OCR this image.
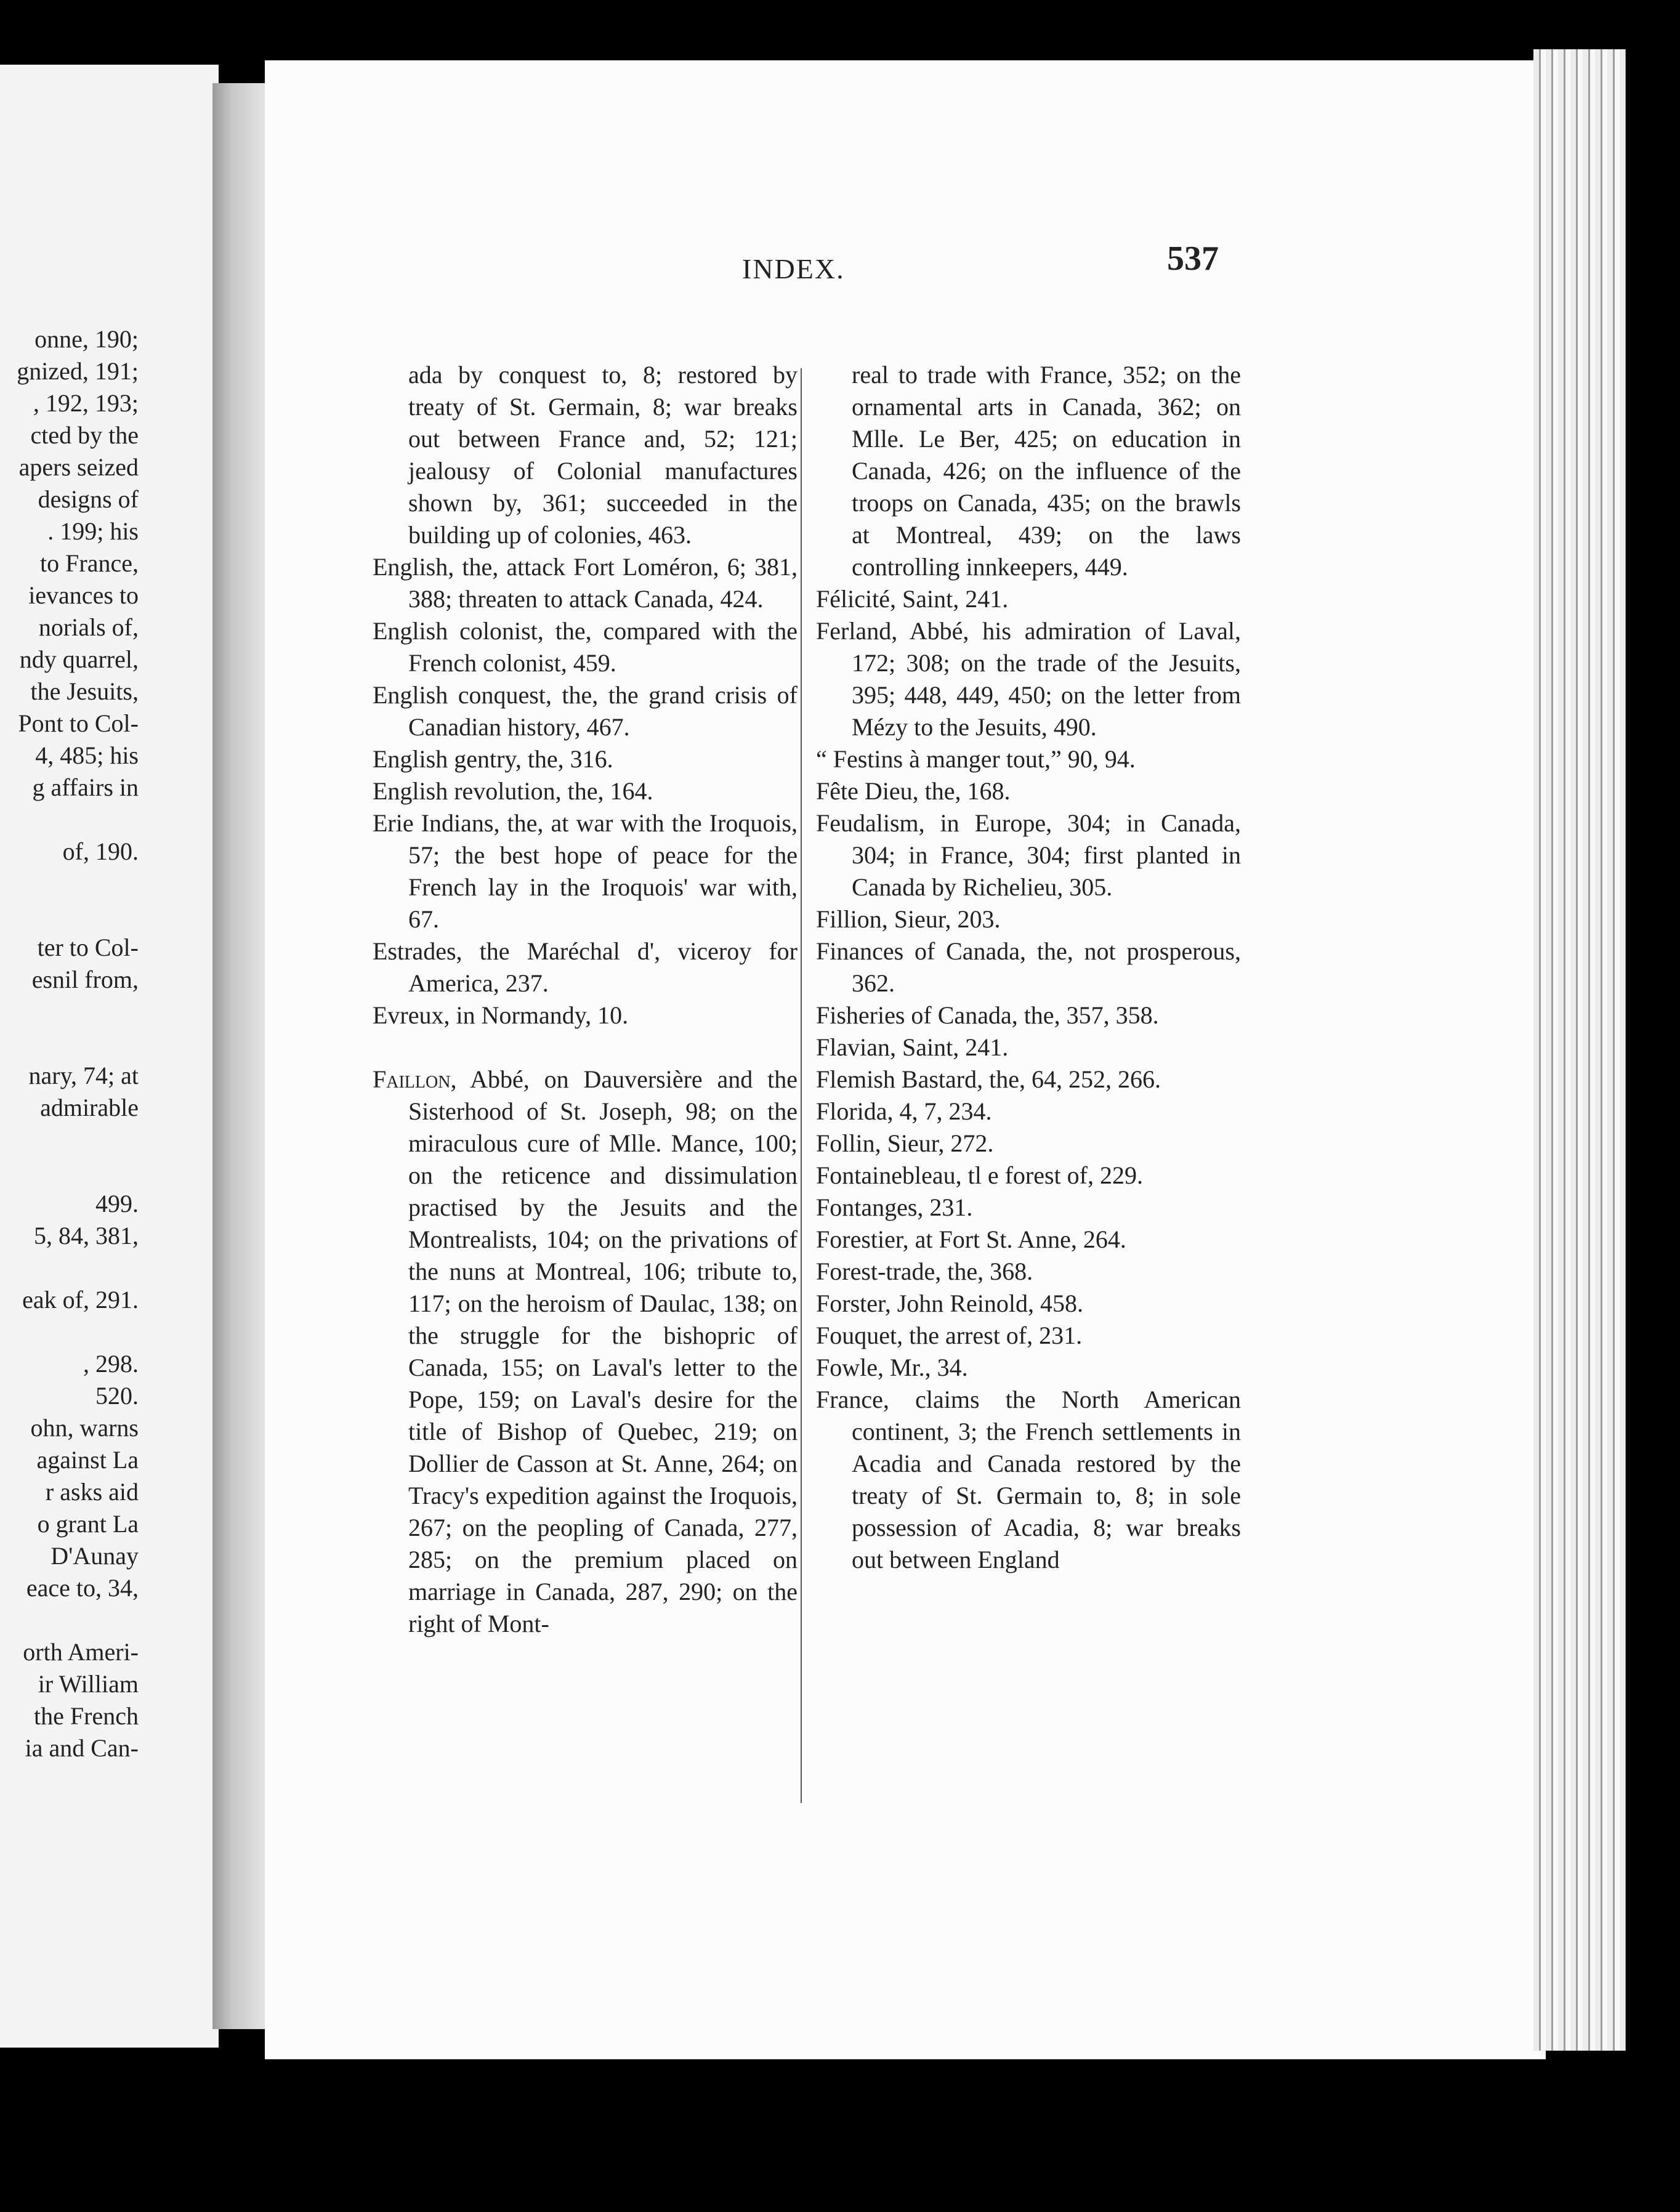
onne, 190;
gnized, 191;
, 192, 193;
cted by the
apers seized
designs of
. 199; his
to France,
ievances to
norials of,
ndy quarrel,
the Jesuits,
Pont to Col-
4, 485; his
g affairs in
of, 190.
ter to Col-
esnil from,
nary, 74; at
admirable
499.
5, 84, 381,
eak of, 291.
, 298.
520.
ohn, warns
against La
r asks aid
o grant La
D'Aunay
eace to, 34,
orth Ameri-
ir William
the French
ia and Can-
INDEX.	537
ada by conquest to, 8; restored by treaty of St. Germain, 8; war breaks out between France and, 52; 121; jealousy of Colonial manufactures shown by, 361; succeeded in the building up of colonies, 463.
English, the, attack Fort Loméron, 6; 381, 388; threaten to attack Canada, 424.
English colonist, the, compared with the French colonist, 459.
English conquest, the, the grand crisis of Canadian history, 467.
English gentry, the, 316.
English revolution, the, 164.
Erie Indians, the, at war with the Iroquois, 57; the best hope of peace for the French lay in the Iroquois' war with, 67.
Estrades, the Maréchal d', viceroy for America, 237.
Evreux, in Normandy, 10.
Faillon, Abbé, on Dauversière and the Sisterhood of St. Joseph, 98; on the miraculous cure of Mlle. Mance, 100; on the reticence and dissimulation practised by the Jesuits and the Montrealists, 104; on the privations of the nuns at Montreal, 106; tribute to, 117; on the heroism of Daulac, 138; on the struggle for the bishopric of Canada, 155; on Laval's letter to the Pope, 159; on Laval's desire for the title of Bishop of Quebec, 219; on Dollier de Casson at St. Anne, 264; on Tracy's expedition against the Iroquois, 267; on the peopling of Canada, 277, 285; on the premium placed on marriage in Canada, 287, 290; on the right of Mont-
real to trade with France, 352; on the ornamental arts in Canada, 362; on Mlle. Le Ber, 425; on education in Canada, 426; on the influence of the troops on Canada, 435; on the brawls at Montreal, 439; on the laws controlling innkeepers, 449.
Félicité, Saint, 241.
Ferland, Abbé, his admiration of Laval, 172; 308; on the trade of the Jesuits, 395; 448, 449, 450; on the letter from Mézy to the Jesuits, 490.
“ Festins à manger tout,” 90, 94.
Fête Dieu, the, 168.
Feudalism, in Europe, 304; in Canada, 304; in France, 304; first planted in Canada by Richelieu, 305.
Fillion, Sieur, 203.
Finances of Canada, the, not prosperous, 362.
Fisheries of Canada, the, 357, 358.
Flavian, Saint, 241.
Flemish Bastard, the, 64, 252, 266.
Florida, 4, 7, 234.
Follin, Sieur, 272.
Fontainebleau, tl e forest of, 229.
Fontanges, 231.
Forestier, at Fort St. Anne, 264.
Forest-trade, the, 368.
Forster, John Reinold, 458.
Fouquet, the arrest of, 231.
Fowle, Mr., 34.
France, claims the North American continent, 3; the French settlements in Acadia and Canada restored by the treaty of St. Germain to, 8; in sole possession of Acadia, 8; war breaks out between England
